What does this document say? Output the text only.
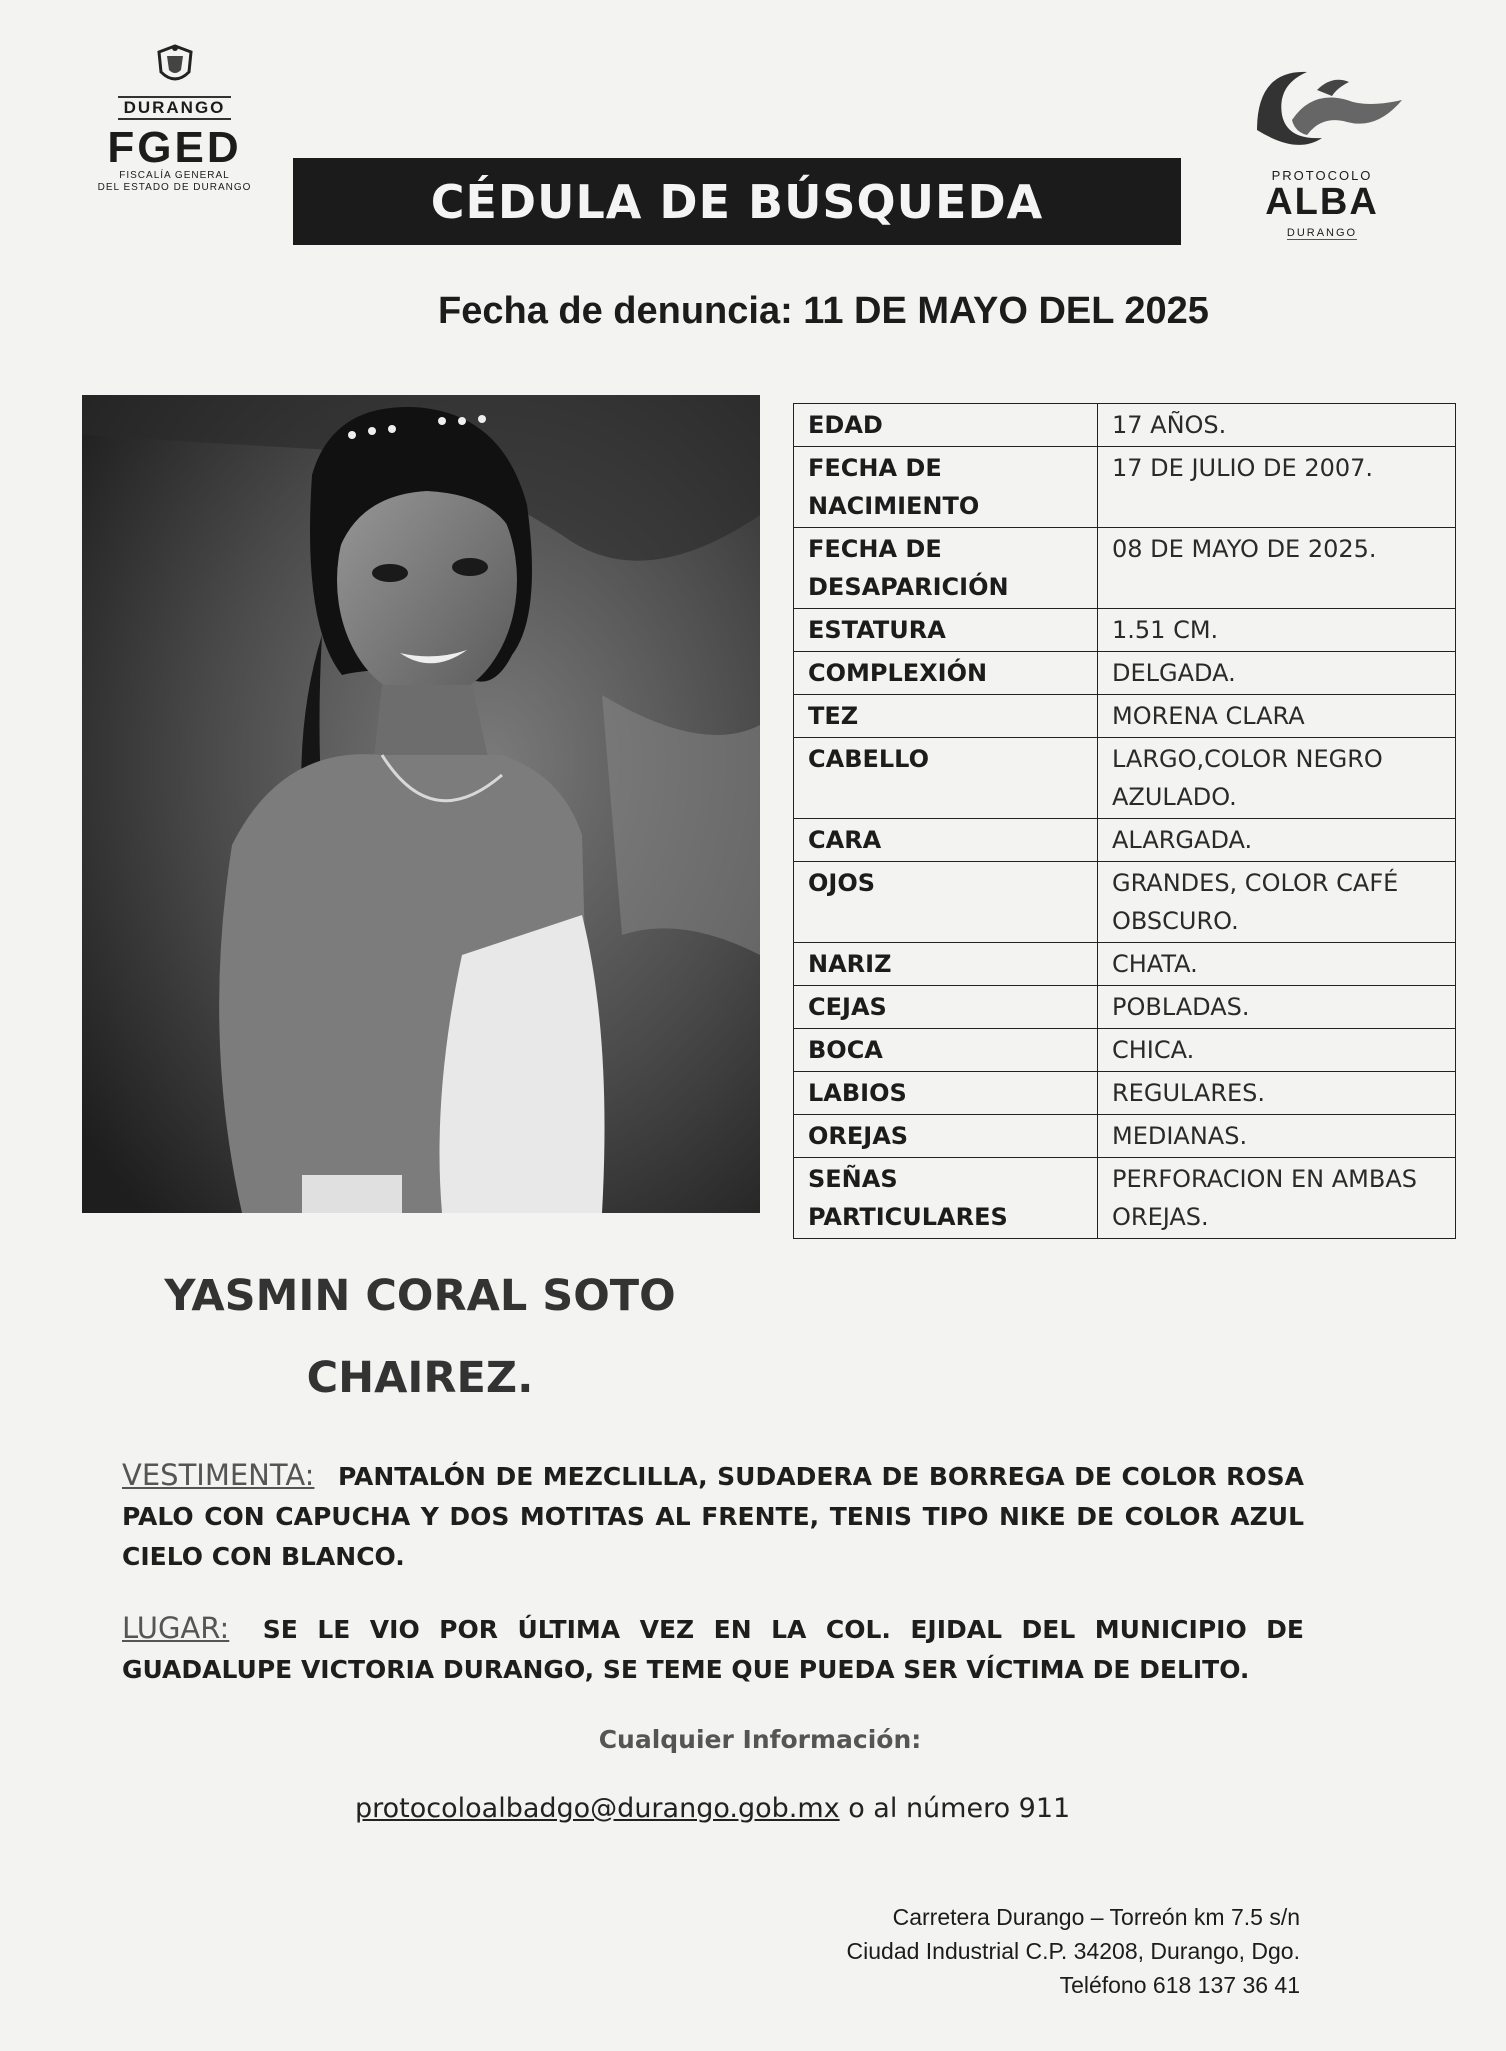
DURANGO
FGED
FISCALÍA GENERAL
DEL ESTADO DE DURANGO	CÉDULA DE BÚSQUEDA	PROTOCOLO
ALBA
DURANGO
Fecha de denuncia: 11 DE MAYO DEL 2025
EDAD	17 AÑOS.
FECHA DE NACIMIENTO	17 DE JULIO DE 2007.
FECHA DE DESAPARICIÓN	08 DE MAYO DE 2025.
ESTATURA	1.51 CM.
COMPLEXIÓN	DELGADA.
TEZ	MORENA CLARA
CABELLO	LARGO,COLOR NEGRO AZULADO.
CARA	ALARGADA.
OJOS	GRANDES, COLOR CAFÉ OBSCURO.
NARIZ	CHATA.
CEJAS	POBLADAS.
BOCA	CHICA.
LABIOS	REGULARES.
OREJAS	MEDIANAS.
SEÑAS PARTICULARES	PERFORACION EN AMBAS OREJAS.
YASMIN CORAL SOTO
CHAIREZ.
VESTIMENTA: PANTALÓN DE MEZCLILLA, SUDADERA DE BORREGA DE COLOR ROSA PALO CON CAPUCHA Y DOS MOTITAS AL FRENTE, TENIS TIPO NIKE DE COLOR AZUL CIELO CON BLANCO.
LUGAR: SE LE VIO POR ÚLTIMA VEZ EN LA COL. EJIDAL DEL MUNICIPIO DE GUADALUPE VICTORIA DURANGO, SE TEME QUE PUEDA SER VÍCTIMA DE DELITO.
Cualquier Información:
protocoloalbadgo@durango.gob.mx o al número 911
Carretera Durango – Torreón km 7.5 s/n
Ciudad Industrial C.P. 34208, Durango, Dgo.
Teléfono 618 137 36 41
